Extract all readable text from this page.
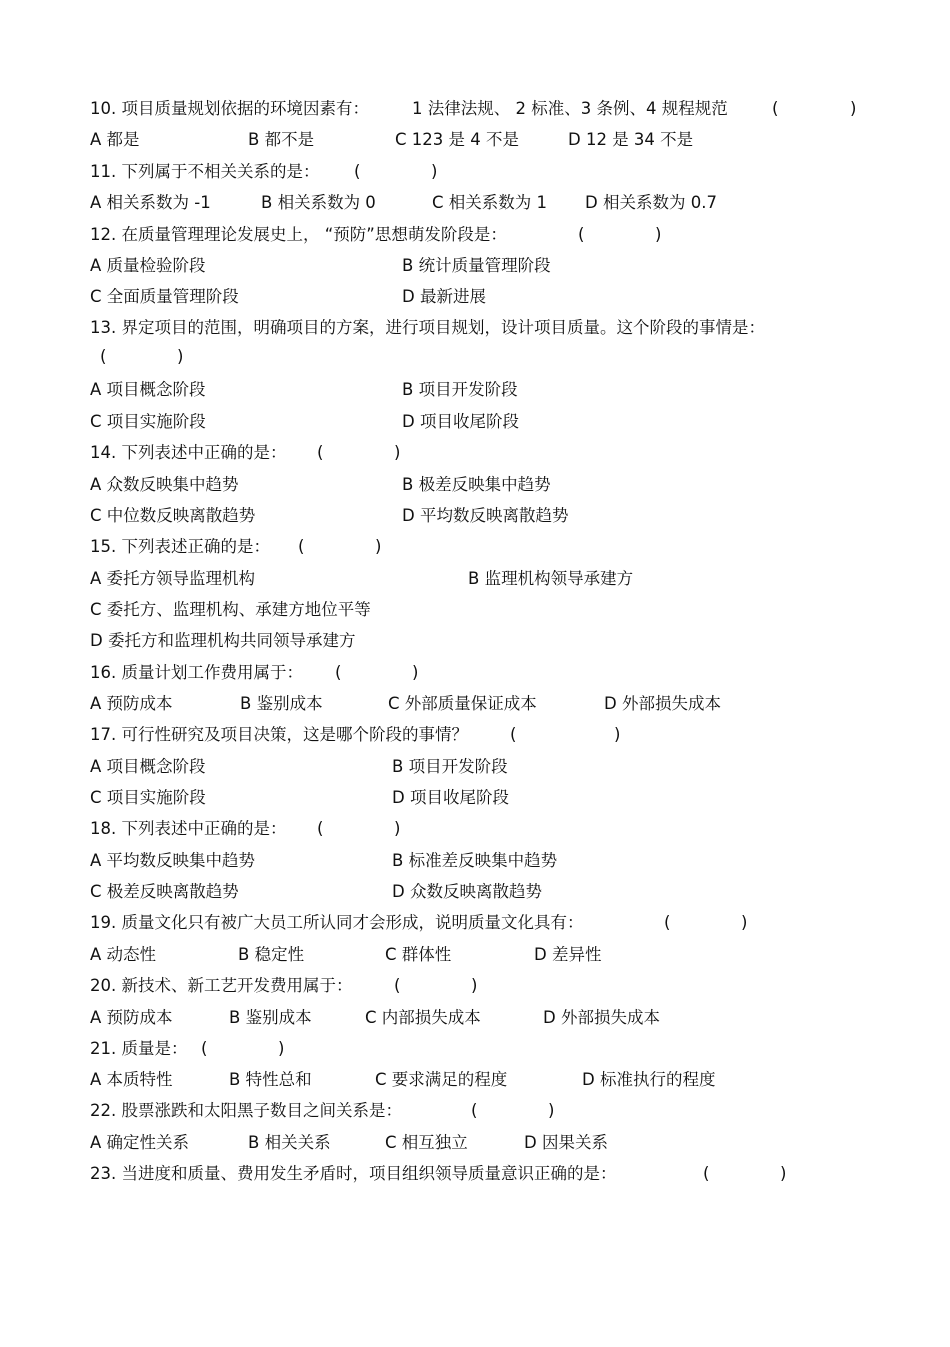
10. 项目质量规划依据的环境因素有：	1 法律法规、 2 标准、3 条例、4 规程规范	(	)
A 都是	B 都不是	C 123 是 4 不是	D 12 是 34 不是
11. 下列属于不相关关系的是： (	)
A 相关系数为 -1	B 相关系数为 0	C 相关系数为 1 D 相关系数为 0.7
12. 在质量管理理论发展史上， “预防”思想萌发阶段是：	(	)
A 质量检验阶段	B 统计质量管理阶段
C 全面质量管理阶段	D 最新进展
13. 界定项目的范围，明确项目的方案，进行项目规划，设计项目质量。这个阶段的事情是：
(	)
A 项目概念阶段	B 项目开发阶段
C 项目实施阶段	D 项目收尾阶段
14. 下列表述中正确的是： (	)
A 众数反映集中趋势	B 极差反映集中趋势
C 中位数反映离散趋势	D 平均数反映离散趋势
15. 下列表述正确的是： (	)
A 委托方领导监理机构	B 监理机构领导承建方
C 委托方、监理机构、承建方地位平等
D 委托方和监理机构共同领导承建方
16. 质量计划工作费用属于： (	)
A 预防成本	B 鉴别成本	C 外部质量保证成本	D 外部损失成本
17. 可行性研究及项目决策，这是哪个阶段的事情？	(	)
A 项目概念阶段	B 项目开发阶段
C 项目实施阶段	D 项目收尾阶段
18. 下列表述中正确的是： (	)
A 平均数反映集中趋势	B 标准差反映集中趋势
C 极差反映离散趋势	D 众数反映离散趋势
19. 质量文化只有被广大员工所认同才会形成，说明质量文化具有：	(	)
A 动态性	B 稳定性	C 群体性	D 差异性
20. 新技术、新工艺开发费用属于：	(	)
A 预防成本	B 鉴别成本	C 内部损失成本	D 外部损失成本
21. 质量是： (	)
A 本质特性	B 特性总和	C 要求满足的程度	D 标准执行的程度
22. 股票涨跌和太阳黑子数目之间关系是：	(	)
A 确定性关系	B 相关关系	C 相互独立	D 因果关系
23. 当进度和质量、费用发生矛盾时，项目组织领导质量意识正确的是：	(	)
